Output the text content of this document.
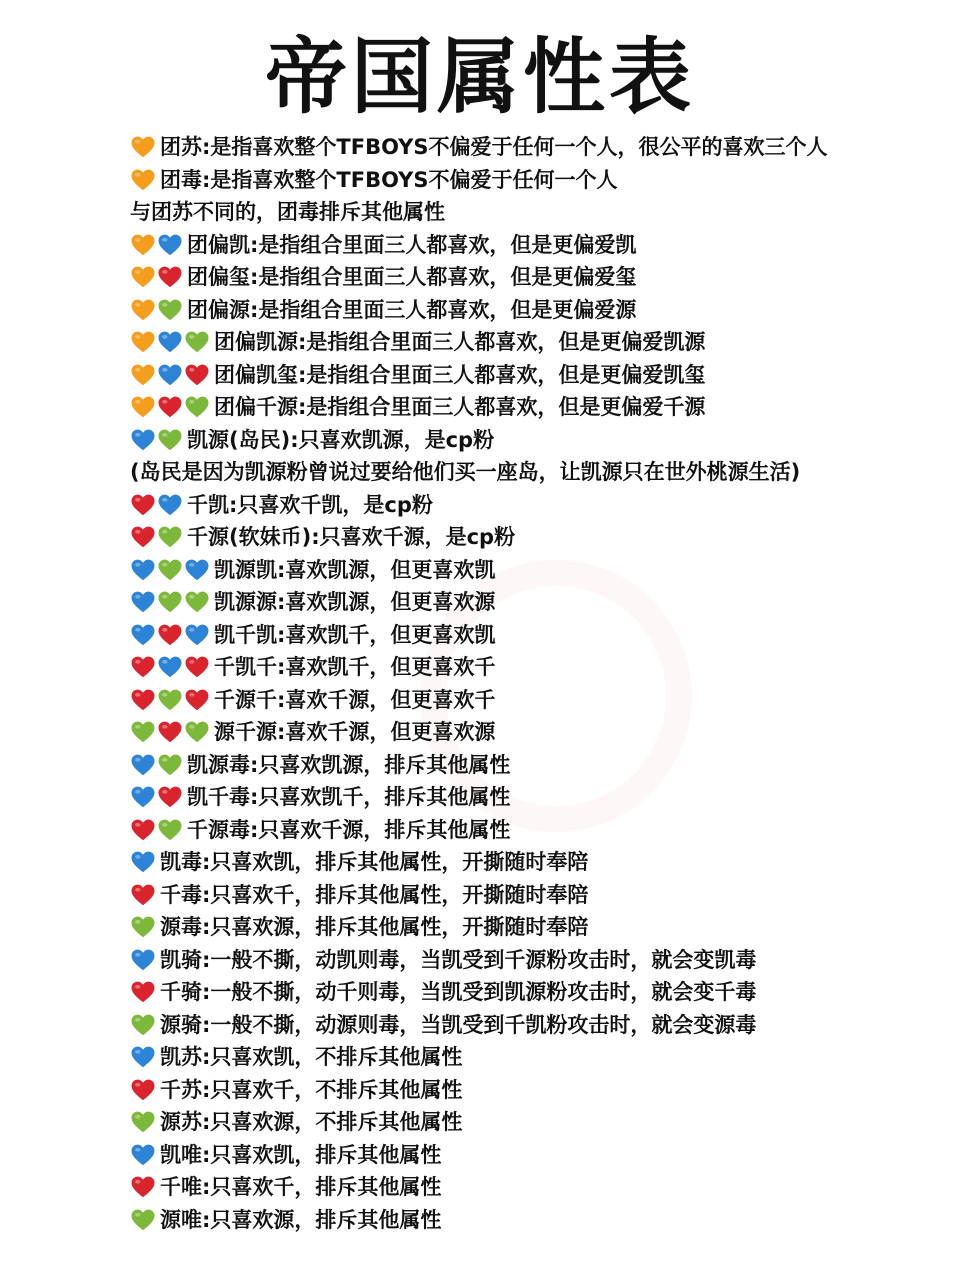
帝国属性表
团苏:是指喜欢整个TFBOYS不偏爱于任何一个人，很公平的喜欢三个人
团毒:是指喜欢整个TFBOYS不偏爱于任何一个人
与团苏不同的，团毒排斥其他属性
团偏凯:是指组合里面三人都喜欢，但是更偏爱凯
团偏玺:是指组合里面三人都喜欢，但是更偏爱玺
团偏源:是指组合里面三人都喜欢，但是更偏爱源
团偏凯源:是指组合里面三人都喜欢，但是更偏爱凯源
团偏凯玺:是指组合里面三人都喜欢，但是更偏爱凯玺
团偏千源:是指组合里面三人都喜欢，但是更偏爱千源
凯源(岛民):只喜欢凯源，是cp粉
(岛民是因为凯源粉曾说过要给他们买一座岛，让凯源只在世外桃源生活)
千凯:只喜欢千凯，是cp粉
千源(软妹币):只喜欢千源，是cp粉
凯源凯:喜欢凯源，但更喜欢凯
凯源源:喜欢凯源，但更喜欢源
凯千凯:喜欢凯千，但更喜欢凯
千凯千:喜欢凯千，但更喜欢千
千源千:喜欢千源，但更喜欢千
源千源:喜欢千源，但更喜欢源
凯源毒:只喜欢凯源，排斥其他属性
凯千毒:只喜欢凯千，排斥其他属性
千源毒:只喜欢千源，排斥其他属性
凯毒:只喜欢凯，排斥其他属性，开撕随时奉陪
千毒:只喜欢千，排斥其他属性，开撕随时奉陪
源毒:只喜欢源，排斥其他属性，开撕随时奉陪
凯骑:一般不撕，动凯则毒，当凯受到千源粉攻击时，就会变凯毒
千骑:一般不撕，动千则毒，当凯受到凯源粉攻击时，就会变千毒
源骑:一般不撕，动源则毒，当凯受到千凯粉攻击时，就会变源毒
凯苏:只喜欢凯，不排斥其他属性
千苏:只喜欢千，不排斥其他属性
源苏:只喜欢源，不排斥其他属性
凯唯:只喜欢凯，排斥其他属性
千唯:只喜欢千，排斥其他属性
源唯:只喜欢源，排斥其他属性
